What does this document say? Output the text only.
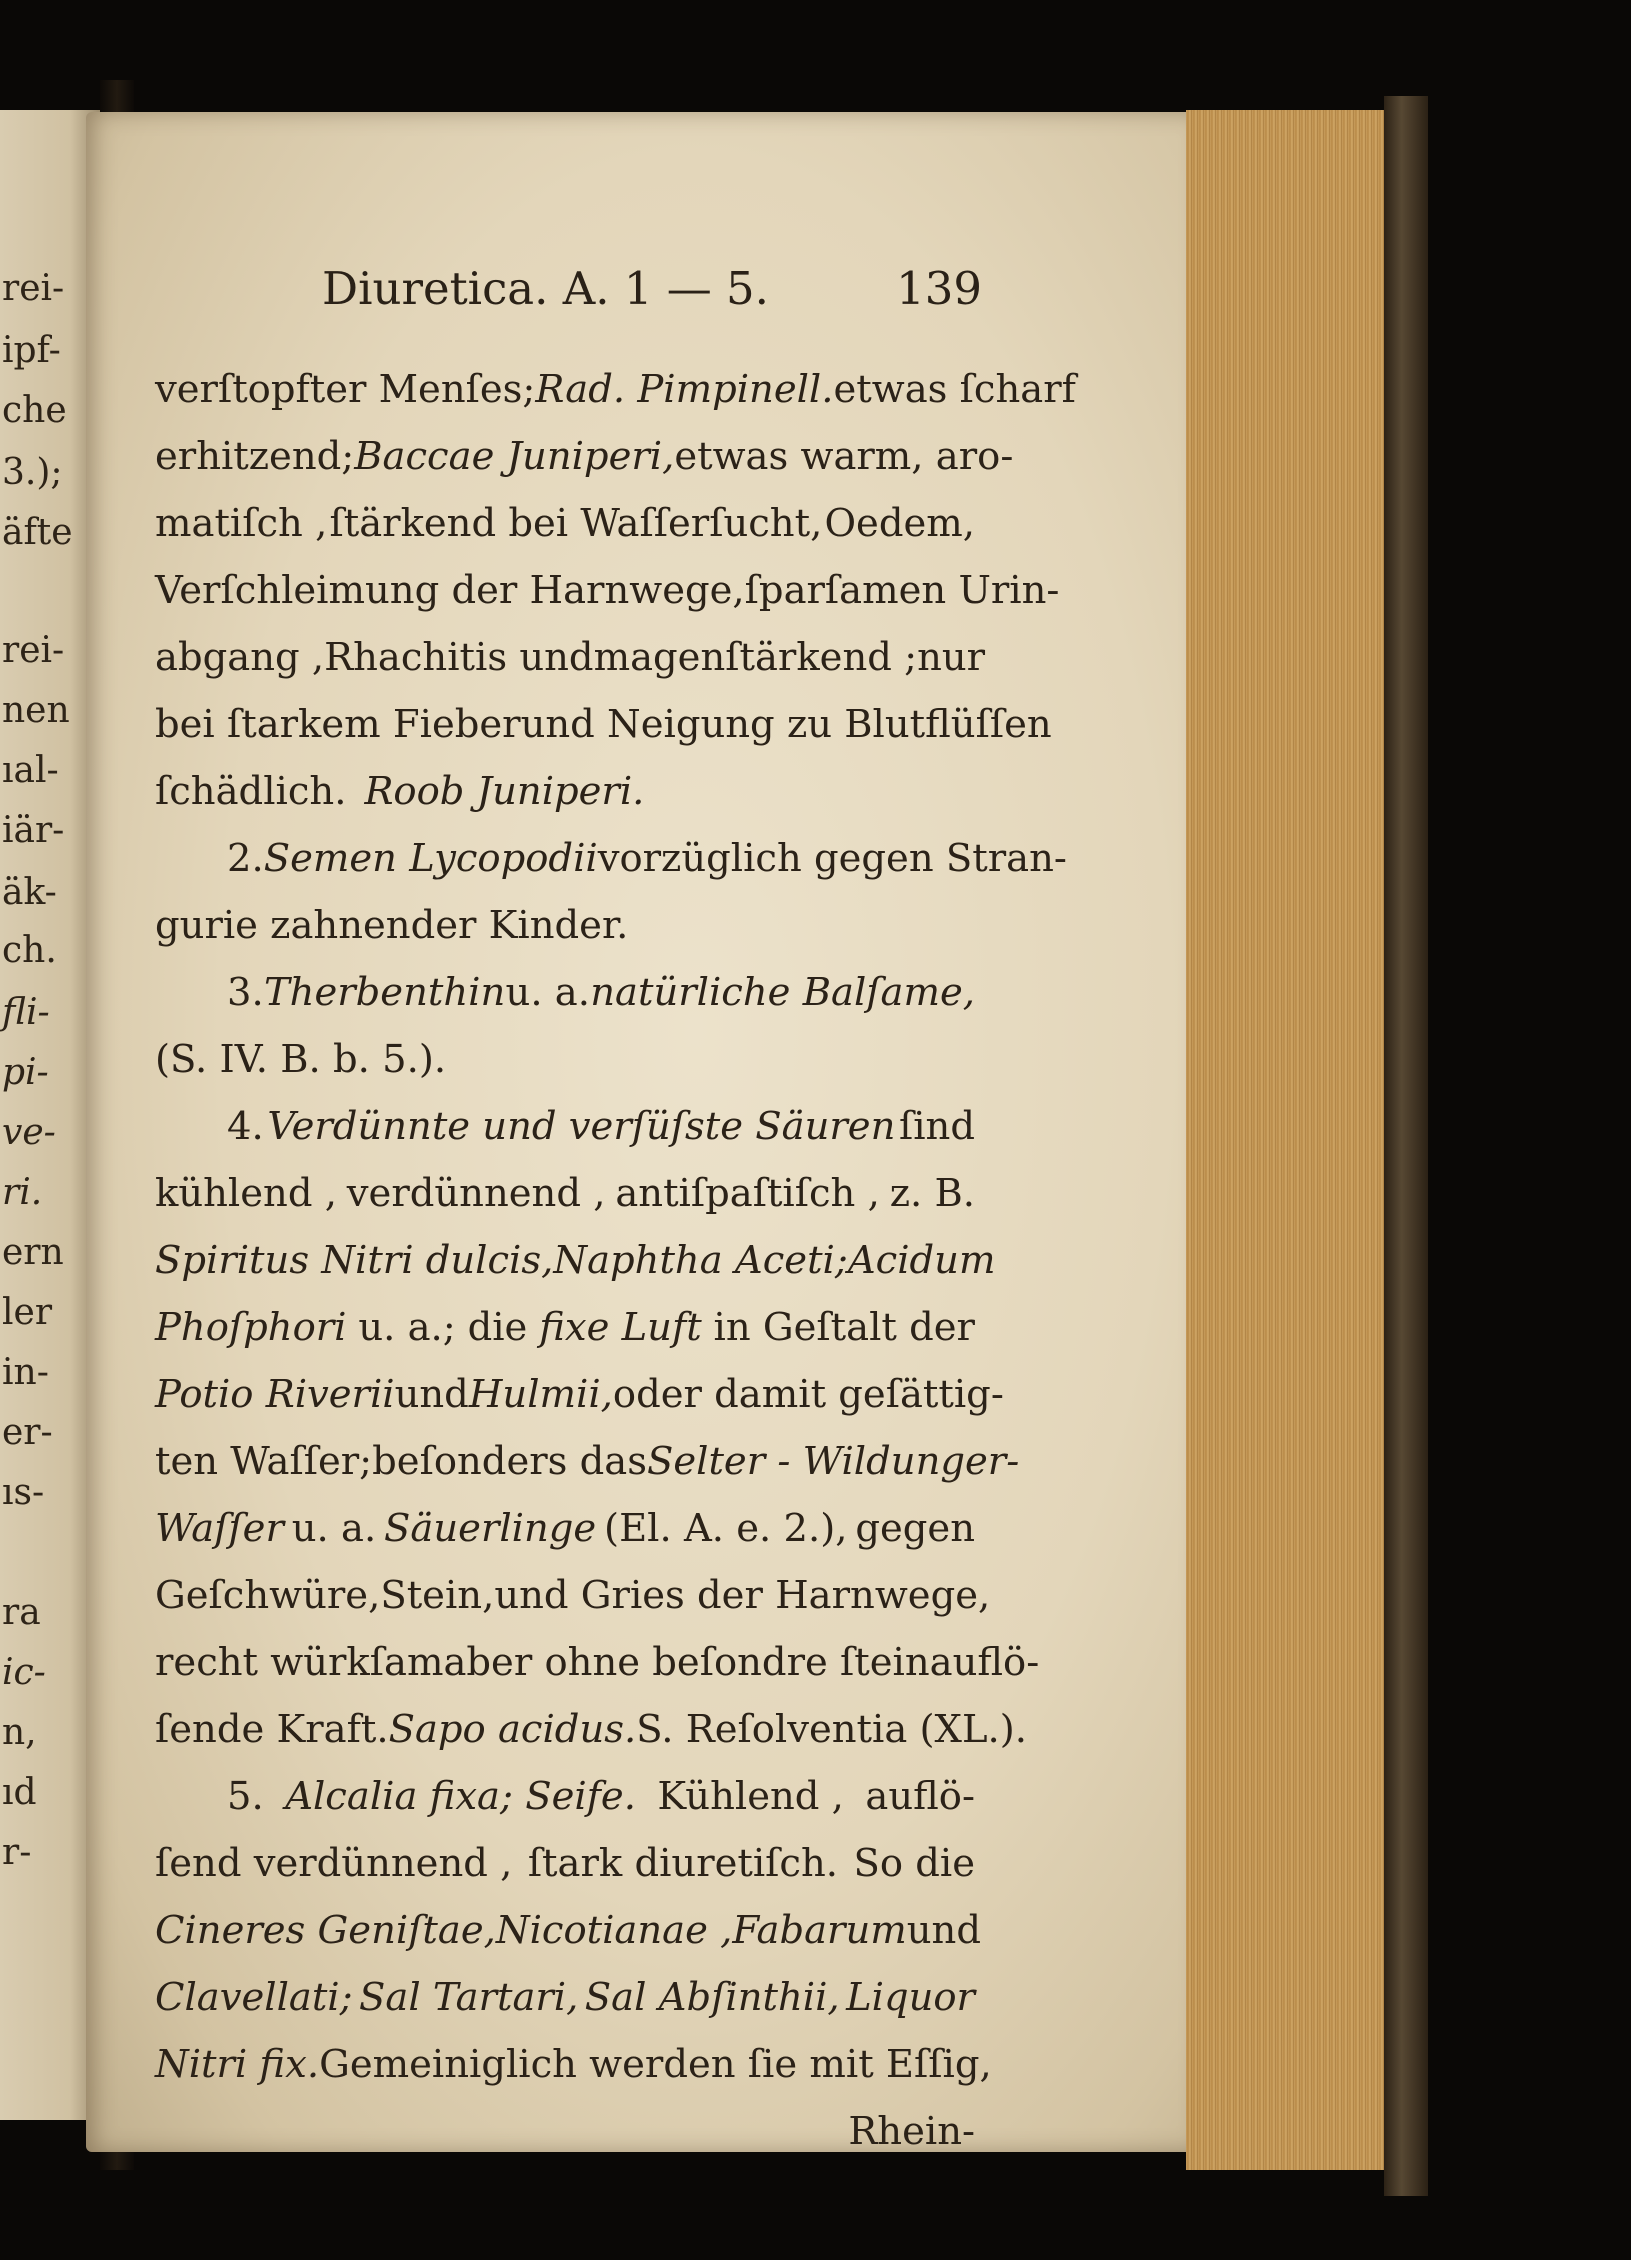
rei-
ipf-
che
3.);
äfte
rei-
nen
ıal-
iär-
äk-
ch.
fli-
pi-
ve-
ri.
ern
ler
in-
er-
ıs-
ra
ic-
n,
ıd
r-
Diuretica. A. 1 — 5.	139
verſtopfter Menſes; Rad. Pimpinell. etwas ſcharf
erhitzend; Baccae Juniperi, etwas warm, aro-
matiſch , ſtärkend bei Waſſerſucht, Oedem,
Verſchleimung der Harnwege, ſparſamen Urin-
abgang , Rhachitis und magenſtärkend ; nur
bei ſtarkem Fieber und Neigung zu Blutflüſſen
ſchädlich. Roob Juniperi.
2. Semen Lycopodii vorzüglich gegen Stran-
gurie zahnender Kinder.
3. Therbenthin u. a. natürliche Balſame,
(S. IV. B. b. 5.).
4. Verdünnte und verſüſste Säuren ſind
kühlend , verdünnend , antiſpaſtiſch , z. B.
Spiritus Nitri dulcis, Naphtha Aceti; Acidum
Phoſphori u. a.; die fixe Luft in Geſtalt der
Potio Riverii und Hulmii, oder damit geſättig-
ten Waſſer; beſonders das Selter - Wildunger-
Waſſer u. a. Säuerlinge (El. A. e. 2.), gegen
Geſchwüre, Stein, und Gries der Harnwege,
recht würkſam aber ohne beſondre ſteinauflö-
ſende Kraft. Sapo acidus. S. Reſolventia (XL.).
5. Alcalia fixa; Seife. Kühlend , auflö-
ſend verdünnend , ſtark diuretiſch. So die
Cineres Geniſtae, Nicotianae , Fabarum und
Clavellati; Sal Tartari, Sal Abſinthii, Liquor
Nitri fix. Gemeiniglich werden ſie mit Eſſig,
Rhein-
